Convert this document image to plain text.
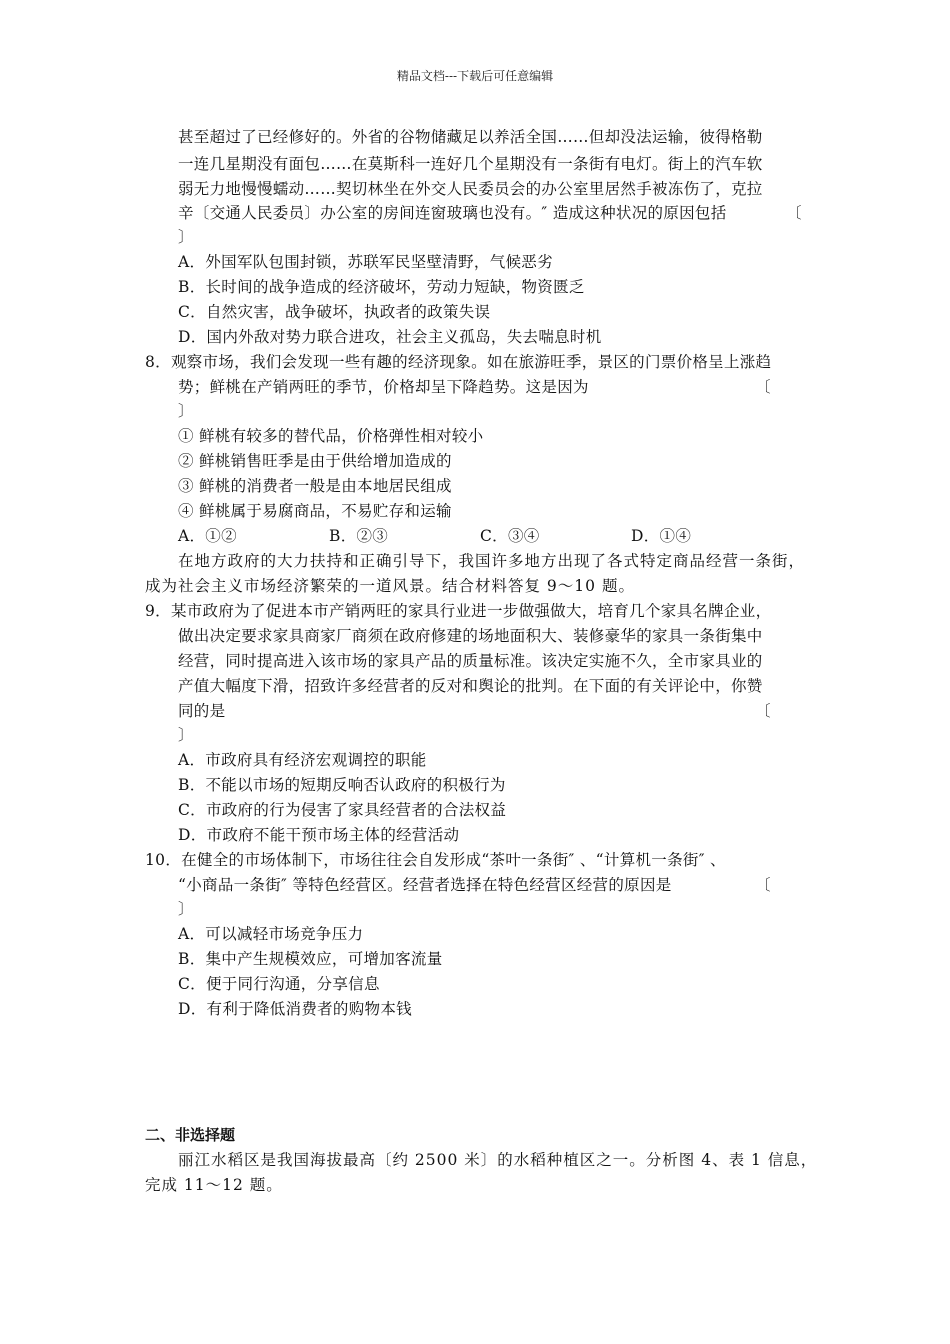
精品文档---下载后可任意编辑
甚至超过了已经修好的。外省的谷物储藏足以养活全国……但却没法运输，彼得格勒
一连几星期没有面包……在莫斯科一连好几个星期没有一条街有电灯。街上的汽车软
弱无力地慢慢蠕动……契切林坐在外交人民委员会的办公室里居然手被冻伤了，克拉
辛〔交通人民委员〕办公室的房间连窗玻璃也没有。″ 造成这种状况的原因包括	〔
〕
A．外国军队包围封锁，苏联军民坚壁清野，气候恶劣
B．长时间的战争造成的经济破坏，劳动力短缺，物资匮乏
C．自然灾害，战争破坏，执政者的政策失误
D．国内外敌对势力联合进攻，社会主义孤岛，失去喘息时机
8．观察市场，我们会发现一些有趣的经济现象。如在旅游旺季，景区的门票价格呈上涨趋
势；鲜桃在产销两旺的季节，价格却呈下降趋势。这是因为	〔
〕
① 鲜桃有较多的替代品，价格弹性相对较小
② 鲜桃销售旺季是由于供给增加造成的
③ 鲜桃的消费者一般是由本地居民组成
④ 鲜桃属于易腐商品，不易贮存和运输
A．①②	B．②③	C．③④	D．①④
在地方政府的大力扶持和正确引导下，我国许多地方出现了各式特定商品经营一条街，
成为社会主义市场经济繁荣的一道风景。结合材料答复 9～10 题。
9．某市政府为了促进本市产销两旺的家具行业进一步做强做大，培育几个家具名牌企业，
做出决定要求家具商家厂商须在政府修建的场地面积大、装修豪华的家具一条街集中
经营，同时提高进入该市场的家具产品的质量标准。该决定实施不久，全市家具业的
产值大幅度下滑，招致许多经营者的反对和舆论的批判。在下面的有关评论中，你赞
同的是	〔
〕
A．市政府具有经济宏观调控的职能
B．不能以市场的短期反响否认政府的积极行为
C．市政府的行为侵害了家具经营者的合法权益
D．市政府不能干预市场主体的经营活动
10．在健全的市场体制下，市场往往会自发形成“茶叶一条街″ 、“计算机一条街″ 、
“小商品一条街″ 等特色经营区。经营者选择在特色经营区经营的原因是	〔
〕
A．可以减轻市场竞争压力
B．集中产生规模效应，可增加客流量
C．便于同行沟通，分享信息
D．有利于降低消费者的购物本钱
二、非选择题
丽江水稻区是我国海拔最高〔约 2500 米〕的水稻种植区之一。分析图 4、表 1 信息，
完成 11～12 题。
